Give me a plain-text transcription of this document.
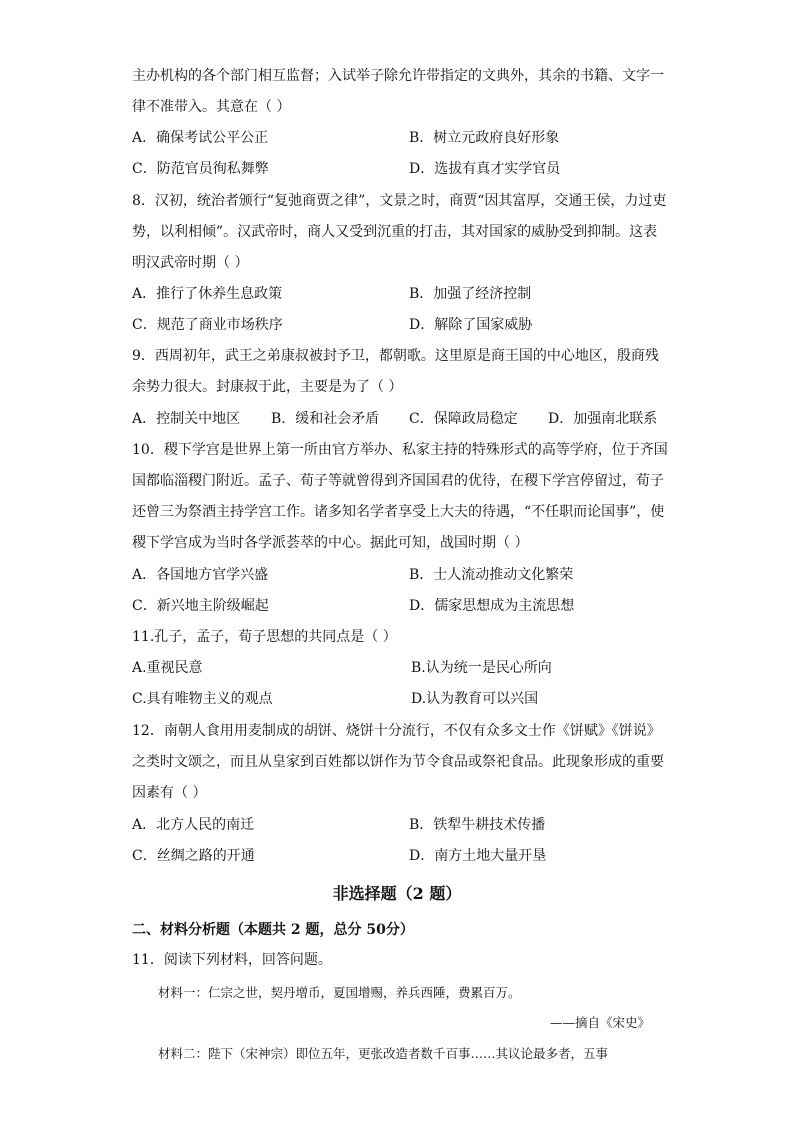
主办机构的各个部门相互监督；入试举子除允许带指定的文典外，其余的书籍、文字一
律不准带入。其意在（ ）
A．确保考试公平公正	B．树立元政府良好形象
C．防范官员徇私舞弊	D．选拔有真才实学官员
8．汉初，统治者颁行“复弛商贾之律”，文景之时，商贾“因其富厚，交通王侯，力过吏
势，以利相倾”。汉武帝时，商人又受到沉重的打击，其对国家的威胁受到抑制。这表
明汉武帝时期（ ）
A．推行了休养生息政策	B．加强了经济控制
C．规范了商业市场秩序	D．解除了国家威胁
9．西周初年，武王之弟康叔被封予卫，都朝歌。这里原是商王国的中心地区，殷商残
余势力很大。封康叔于此，主要是为了（ ）
A．控制关中地区 B．缓和社会矛盾 C．保障政局稳定 D．加强南北联系
10．稷下学宫是世界上第一所由官方举办、私家主持的特殊形式的高等学府，位于齐国
国都临淄稷门附近。孟子、荀子等就曾得到齐国国君的优待，在稷下学宫停留过，荀子
还曾三为祭酒主持学宫工作。诸多知名学者享受上大夫的待遇，“不任职而论国事”，使
稷下学宫成为当时各学派荟萃的中心。据此可知，战国时期（ ）
A．各国地方官学兴盛	B．士人流动推动文化繁荣
C．新兴地主阶级崛起	D．儒家思想成为主流思想
11.孔子，孟子，荀子思想的共同点是（ ）
A.重视民意	B.认为统一是民心所向
C.具有唯物主义的观点	D.认为教育可以兴国
12．南朝人食用用麦制成的胡饼、烧饼十分流行，不仅有众多文士作《饼赋》《饼说》
之类时文颂之，而且从皇家到百姓都以饼作为节令食品或祭祀食品。此现象形成的重要
因素有（ ）
A．北方人民的南迁	B．铁犁牛耕技术传播
C．丝绸之路的开通	D．南方土地大量开垦
非选择题（2 题）
二、材料分析题（本题共 2 题，总分 50分）
11．阅读下列材料，回答问题。
材料一：仁宗之世，契丹增币，夏国增赐，养兵西陲，费累百万。
——摘自《宋史》
材料二：陛下（宋神宗）即位五年，更张改造者数千百事……其议论最多者，五事
